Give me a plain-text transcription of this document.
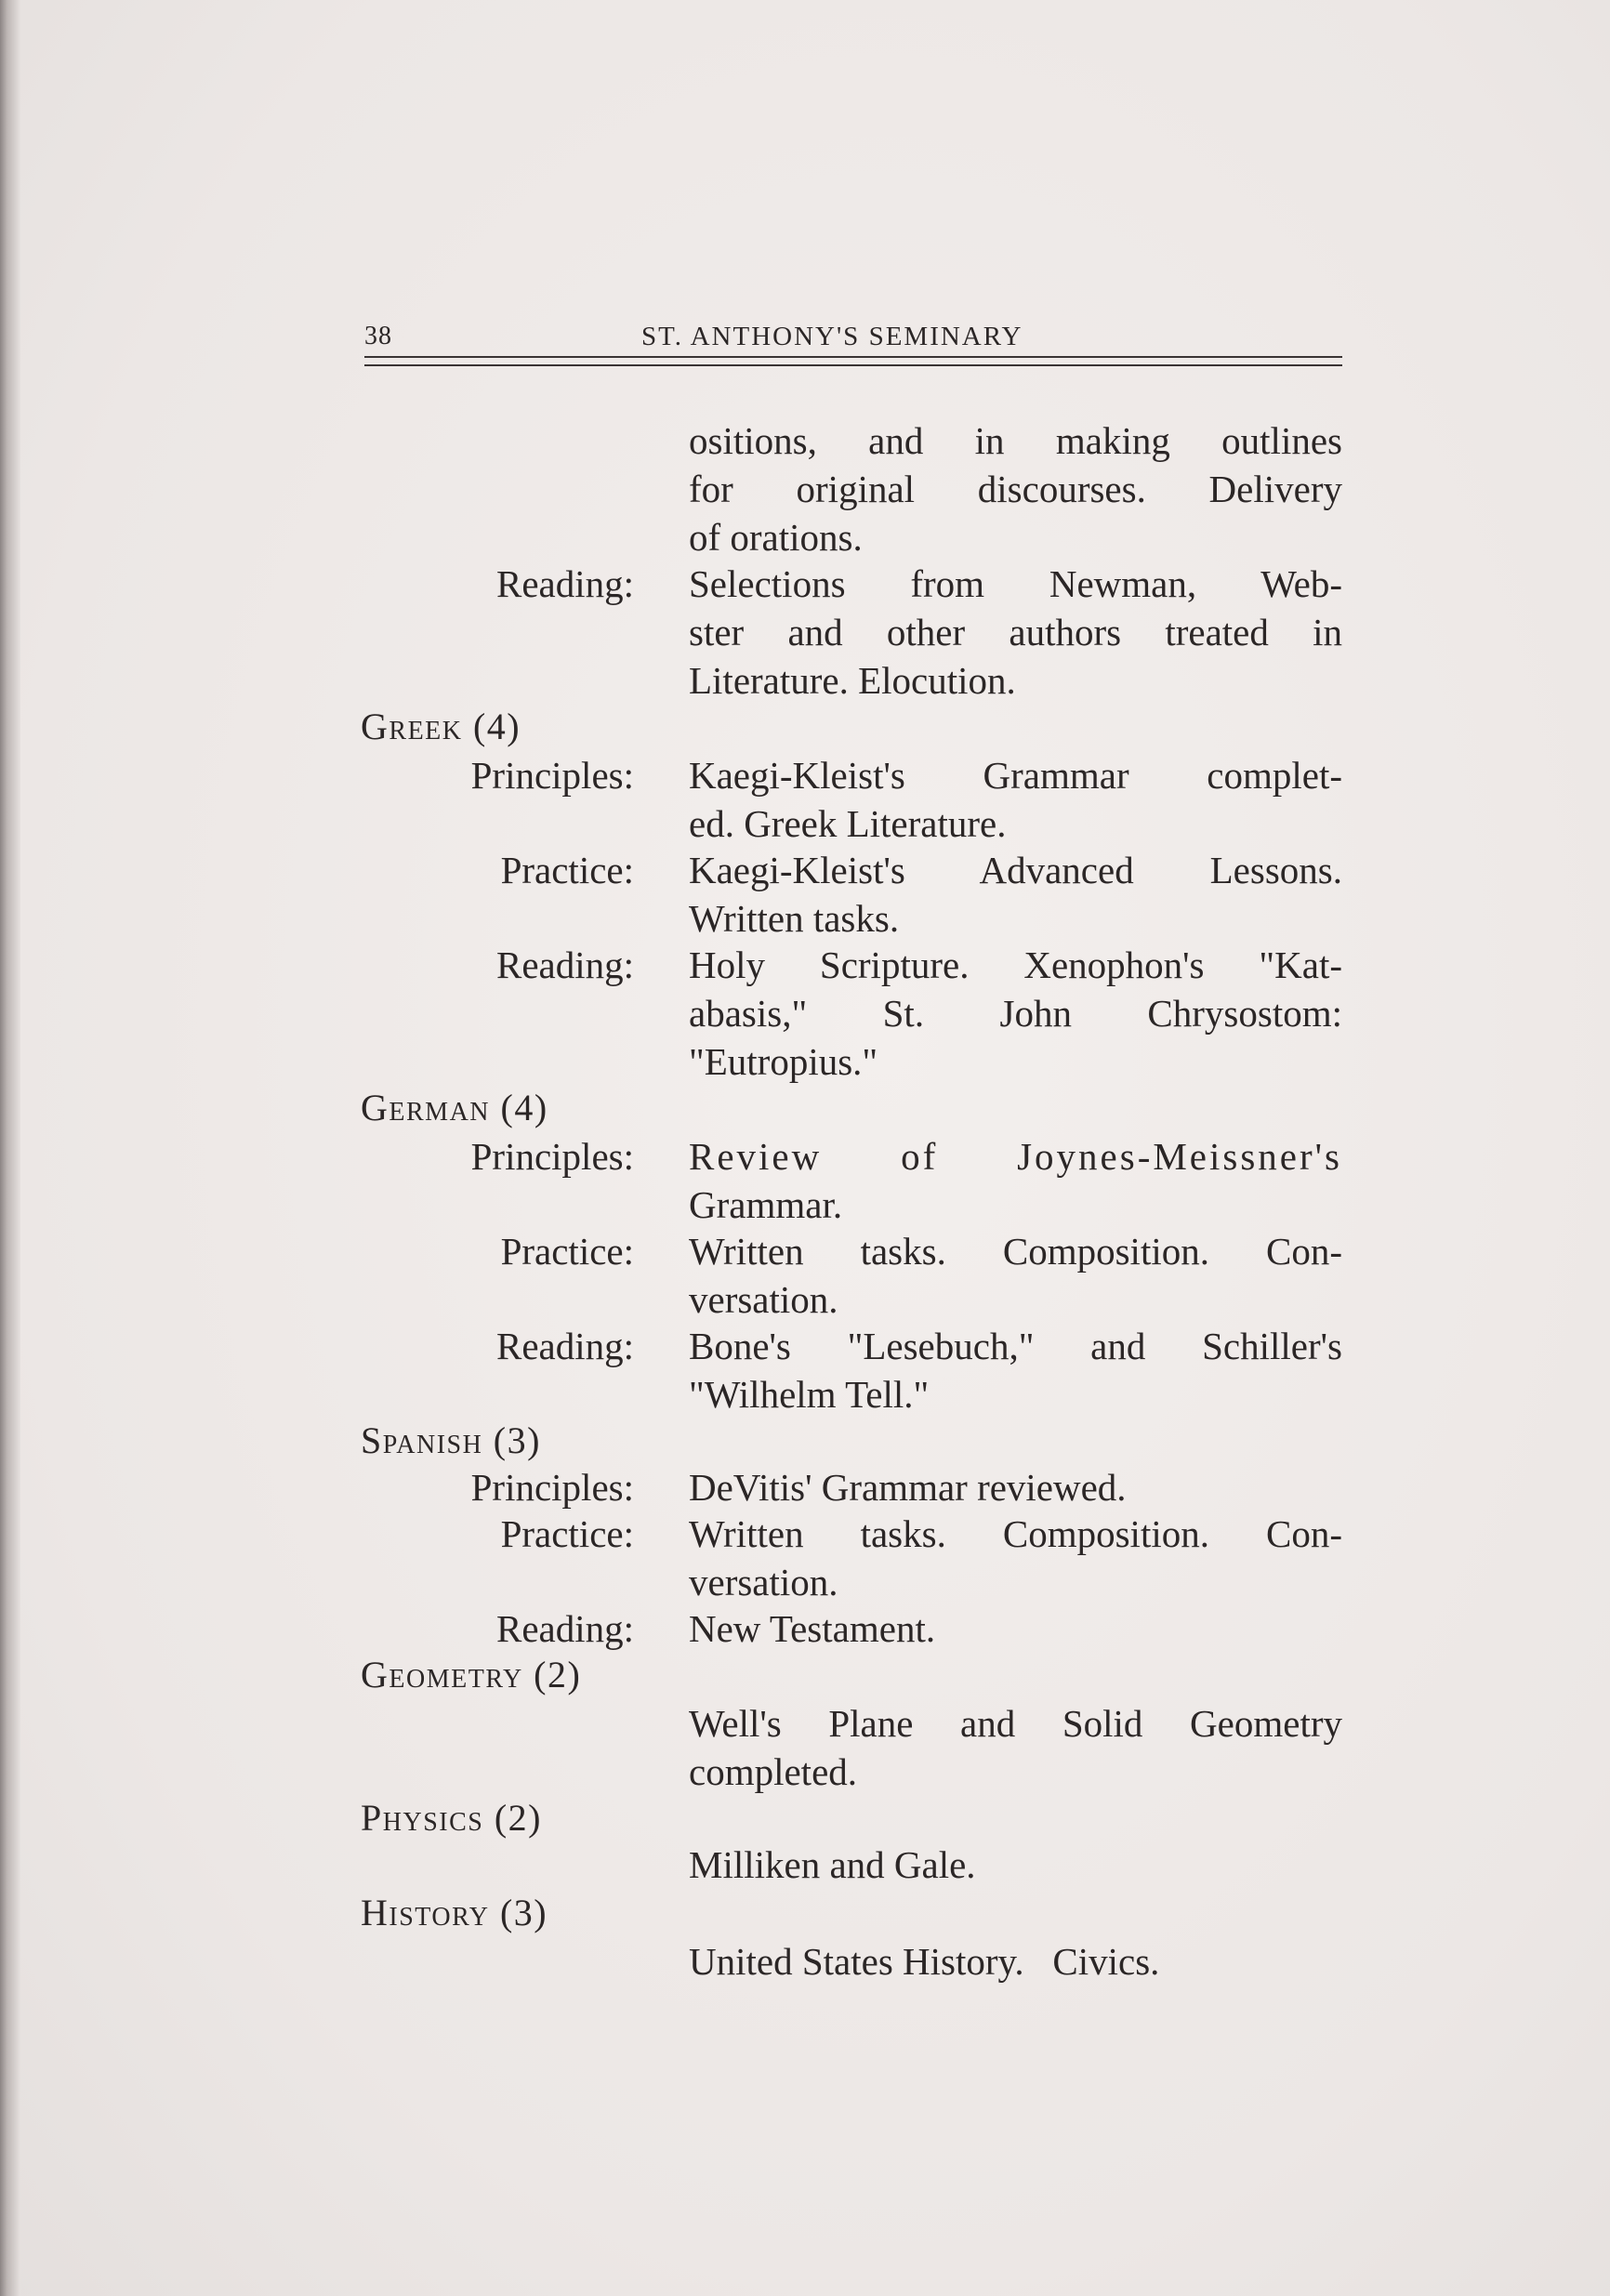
38	ST. ANTHONY'S SEMINARY
ositions, and in making outlines
for original discourses. Delivery
of orations.
Reading: Selections from Newman, Web-
ster and other authors treated in
Literature. Elocution.
Greek (4)
Principles: Kaegi-Kleist's Grammar complet-
ed. Greek Literature.
Practice: Kaegi-Kleist's Advanced Lessons.
Written tasks.
Reading: Holy Scripture. Xenophon's "Kat-
abasis," St. John Chrysostom:
"Eutropius."
German (4)
Principles: Review of Joynes-Meissner's
Grammar.
Practice: Written tasks. Composition. Con-
versation.
Reading: Bone's "Lesebuch," and Schiller's
"Wilhelm Tell."
Spanish (3)
Principles: DeVitis' Grammar reviewed.
Practice: Written tasks. Composition. Con-
versation.
Reading: New Testament.
Geometry (2)
Well's Plane and Solid Geometry
completed.
Physics (2)
Milliken and Gale.
History (3)
United States History.   Civics.
